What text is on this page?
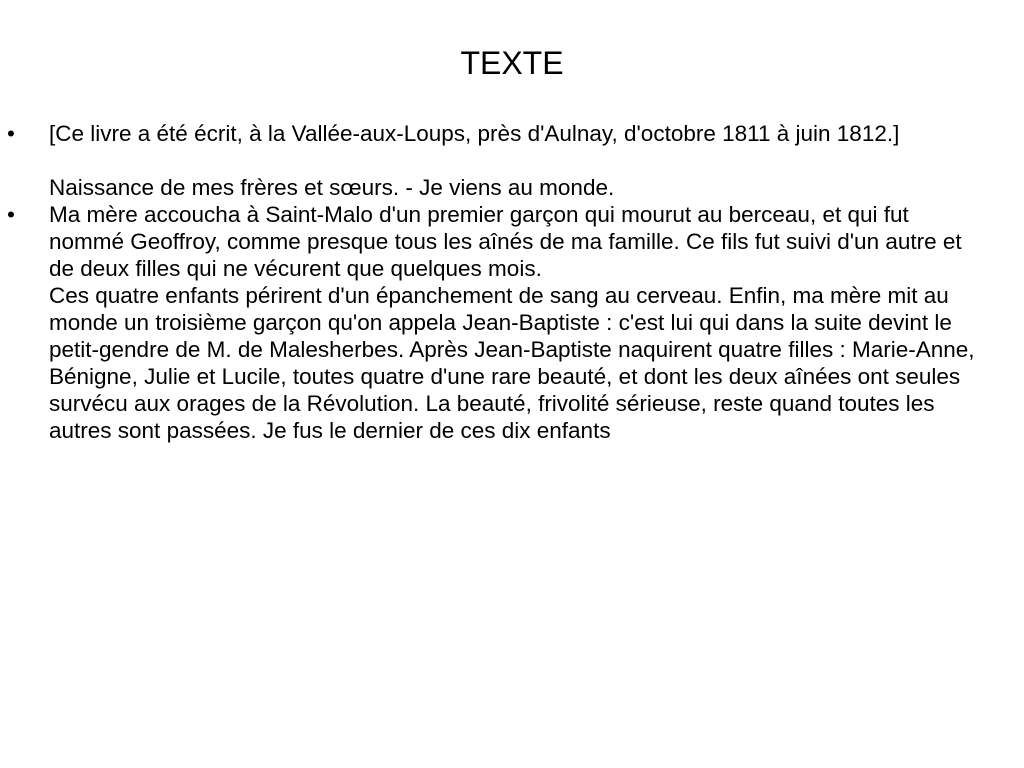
TEXTE
•	[Ce livre a été écrit, à la Vallée-aux-Loups, près d'Aulnay, d'octobre 1811 à juin 1812.]
Naissance de mes frères et sœurs. - Je viens au monde.
•	Ma mère accoucha à Saint-Malo d'un premier garçon qui mourut au berceau, et qui fut nommé Geoffroy, comme presque tous les aînés de ma famille. Ce fils fut suivi d'un autre et de deux filles qui ne vécurent que quelques mois.
Ces quatre enfants périrent d'un épanchement de sang au cerveau. Enfin, ma mère mit au monde un troisième garçon qu'on appela Jean-Baptiste : c'est lui qui dans la suite devint le petit-gendre de M. de Malesherbes. Après Jean-Baptiste naquirent quatre filles : Marie-Anne, Bénigne, Julie et Lucile, toutes quatre d'une rare beauté, et dont les deux aînées ont seules survécu aux orages de la Révolution. La beauté, frivolité sérieuse, reste quand toutes les autres sont passées. Je fus le dernier de ces dix enfants
